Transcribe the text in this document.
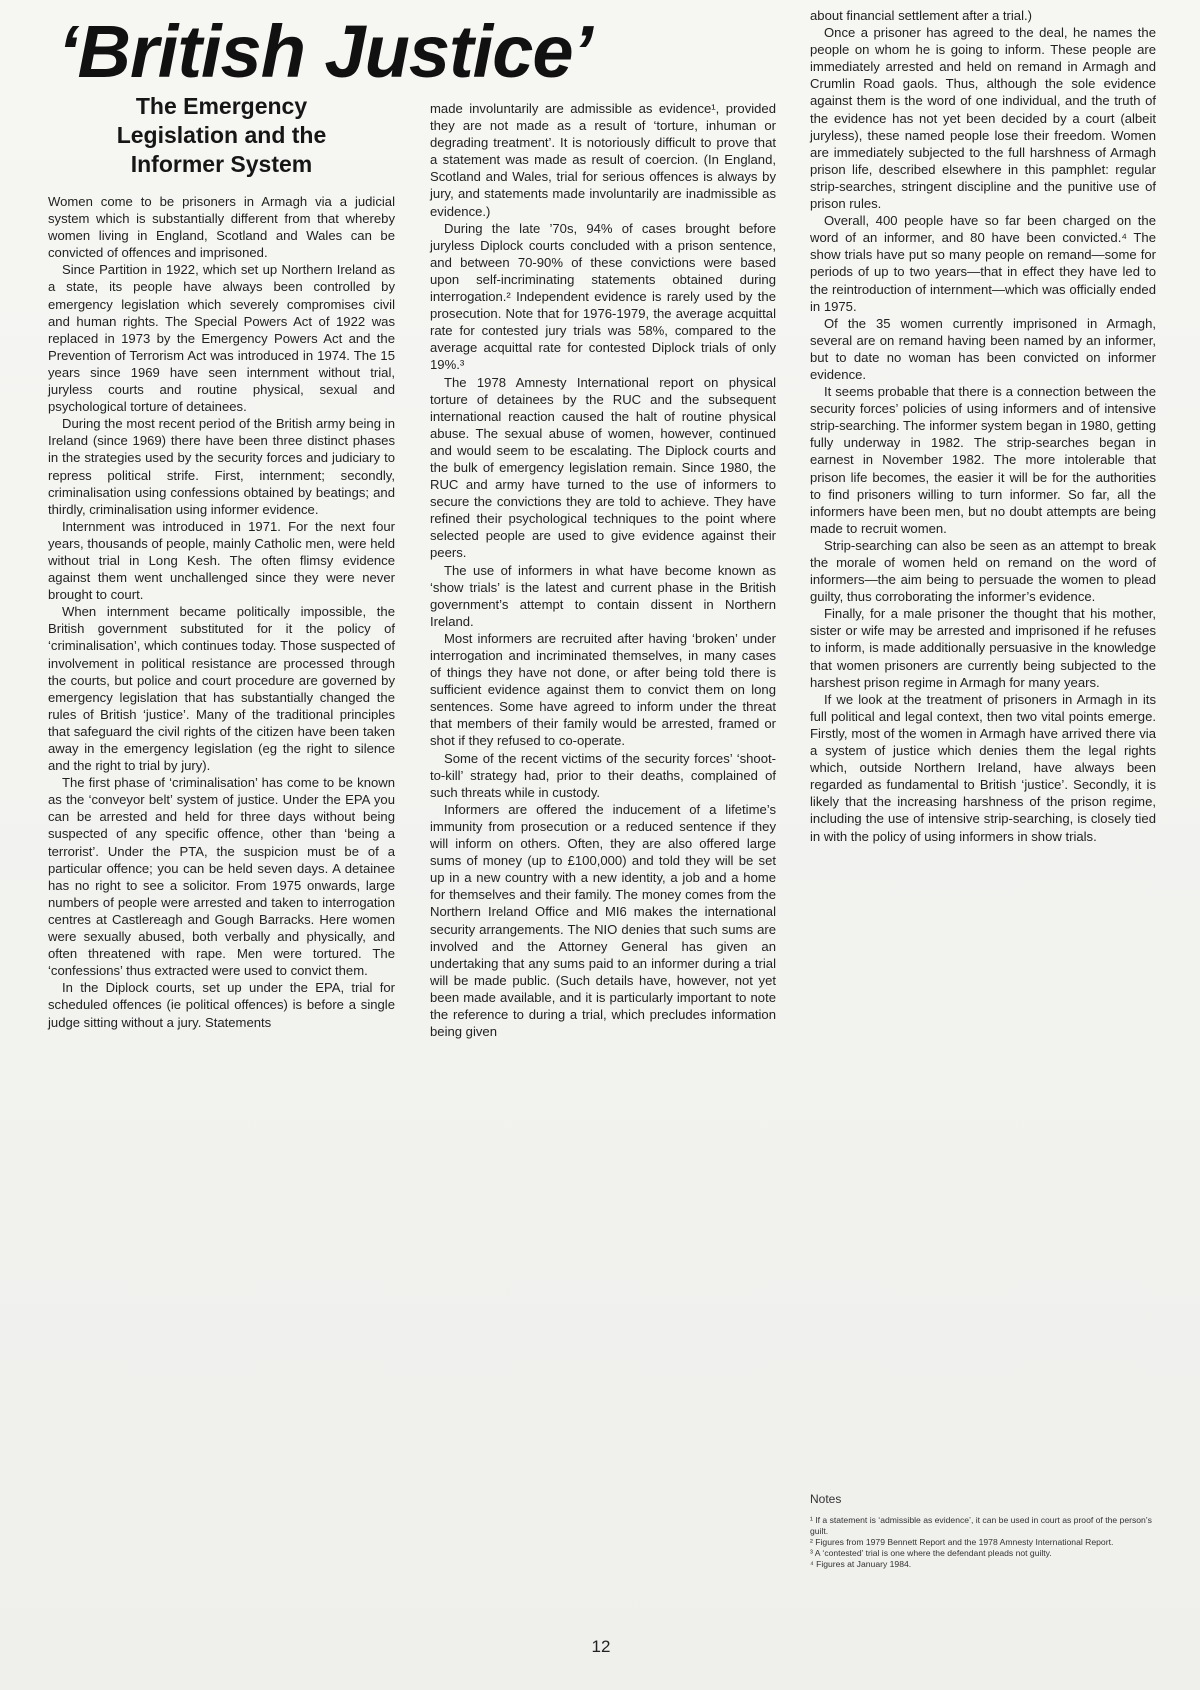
‘British Justice’
The Emergency
Legislation and the
Informer System

Women come to be prisoners in Armagh via a judicial system which is substantially different from that whereby women living in England, Scotland and Wales can be convicted of offences and imprisoned.

Since Partition in 1922, which set up Northern Ireland as a state, its people have always been controlled by emergency legislation which severely compromises civil and human rights. The Special Powers Act of 1922 was replaced in 1973 by the Emergency Powers Act and the Prevention of Terrorism Act was introduced in 1974. The 15 years since 1969 have seen internment without trial, juryless courts and routine physical, sexual and psychological torture of detainees.

During the most recent period of the British army being in Ireland (since 1969) there have been three distinct phases in the strategies used by the security forces and judiciary to repress political strife. First, internment; secondly, criminalisation using confessions obtained by beatings; and thirdly, criminalisation using informer evidence.

Internment was introduced in 1971. For the next four years, thousands of people, mainly Catholic men, were held without trial in Long Kesh. The often flimsy evidence against them went unchallenged since they were never brought to court.

When internment became politically impossible, the British government substituted for it the policy of ‘criminalisation’, which continues today. Those suspected of involvement in political resistance are processed through the courts, but police and court procedure are governed by emergency legislation that has substantially changed the rules of British ‘justice’. Many of the traditional principles that safeguard the civil rights of the citizen have been taken away in the emergency legislation (eg the right to silence and the right to trial by jury).

The first phase of ‘criminalisation’ has come to be known as the ‘conveyor belt’ system of justice. Under the EPA you can be arrested and held for three days without being suspected of any specific offence, other than ‘being a terrorist’. Under the PTA, the suspicion must be of a particular offence; you can be held seven days. A detainee has no right to see a solicitor. From 1975 onwards, large numbers of people were arrested and taken to interrogation centres at Castlereagh and Gough Barracks. Here women were sexually abused, both verbally and physically, and often threatened with rape. Men were tortured. The ‘confessions’ thus extracted were used to convict them.

In the Diplock courts, set up under the EPA, trial for scheduled offences (ie political offences) is before a single judge sitting without a jury. Statements

made involuntarily are admissible as evidence¹, provided they are not made as a result of ‘torture, inhuman or degrading treatment’. It is notoriously difficult to prove that a statement was made as result of coercion. (In England, Scotland and Wales, trial for serious offences is always by jury, and statements made involuntarily are inadmissible as evidence.)

During the late ’70s, 94% of cases brought before juryless Diplock courts concluded with a prison sentence, and between 70-90% of these convictions were based upon self-incriminating statements obtained during interrogation.² Independent evidence is rarely used by the prosecution. Note that for 1976-1979, the average acquittal rate for contested jury trials was 58%, compared to the average acquittal rate for contested Diplock trials of only 19%.³

The 1978 Amnesty International report on physical torture of detainees by the RUC and the subsequent international reaction caused the halt of routine physical abuse. The sexual abuse of women, however, continued and would seem to be escalating. The Diplock courts and the bulk of emergency legislation remain. Since 1980, the RUC and army have turned to the use of informers to secure the convictions they are told to achieve. They have refined their psychological techniques to the point where selected people are used to give evidence against their peers.

The use of informers in what have become known as ‘show trials’ is the latest and current phase in the British government’s attempt to contain dissent in Northern Ireland.

Most informers are recruited after having ‘broken’ under interrogation and incriminated themselves, in many cases of things they have not done, or after being told there is sufficient evidence against them to convict them on long sentences. Some have agreed to inform under the threat that members of their family would be arrested, framed or shot if they refused to co-operate.

Some of the recent victims of the security forces’ ‘shoot-to-kill’ strategy had, prior to their deaths, complained of such threats while in custody.

Informers are offered the inducement of a lifetime’s immunity from prosecution or a reduced sentence if they will inform on others. Often, they are also offered large sums of money (up to £100,000) and told they will be set up in a new country with a new identity, a job and a home for themselves and their family. The money comes from the Northern Ireland Office and MI6 makes the international security arrangements. The NIO denies that such sums are involved and the Attorney General has given an undertaking that any sums paid to an informer during a trial will be made public. (Such details have, however, not yet been made available, and it is particularly important to note the reference to during a trial, which precludes information being given

about financial settlement after a trial.)

Once a prisoner has agreed to the deal, he names the people on whom he is going to inform. These people are immediately arrested and held on remand in Armagh and Crumlin Road gaols. Thus, although the sole evidence against them is the word of one individual, and the truth of the evidence has not yet been decided by a court (albeit juryless), these named people lose their freedom. Women are immediately subjected to the full harshness of Armagh prison life, described elsewhere in this pamphlet: regular strip-searches, stringent discipline and the punitive use of prison rules.

Overall, 400 people have so far been charged on the word of an informer, and 80 have been convicted.⁴ The show trials have put so many people on remand—some for periods of up to two years—that in effect they have led to the reintroduction of internment—which was officially ended in 1975.

Of the 35 women currently imprisoned in Armagh, several are on remand having been named by an informer, but to date no woman has been convicted on informer evidence.

It seems probable that there is a connection between the security forces’ policies of using informers and of intensive strip-searching. The informer system began in 1980, getting fully underway in 1982. The strip-searches began in earnest in November 1982. The more intolerable that prison life becomes, the easier it will be for the authorities to find prisoners willing to turn informer. So far, all the informers have been men, but no doubt attempts are being made to recruit women.

Strip-searching can also be seen as an attempt to break the morale of women held on remand on the word of informers—the aim being to persuade the women to plead guilty, thus corroborating the informer’s evidence.

Finally, for a male prisoner the thought that his mother, sister or wife may be arrested and imprisoned if he refuses to inform, is made additionally persuasive in the knowledge that women prisoners are currently being subjected to the harshest prison regime in Armagh for many years.

If we look at the treatment of prisoners in Armagh in its full political and legal context, then two vital points emerge. Firstly, most of the women in Armagh have arrived there via a system of justice which denies them the legal rights which, outside Northern Ireland, have always been regarded as fundamental to British ‘justice’. Secondly, it is likely that the increasing harshness of the prison regime, including the use of intensive strip-searching, is closely tied in with the policy of using informers in show trials.

Notes

¹ If a statement is ‘admissible as evidence’, it can be used in court as proof of the person’s guilt.

² Figures from 1979 Bennett Report and the 1978 Amnesty International Report.

³ A ‘contested’ trial is one where the defendant pleads not guilty.

⁴ Figures at January 1984.

12
